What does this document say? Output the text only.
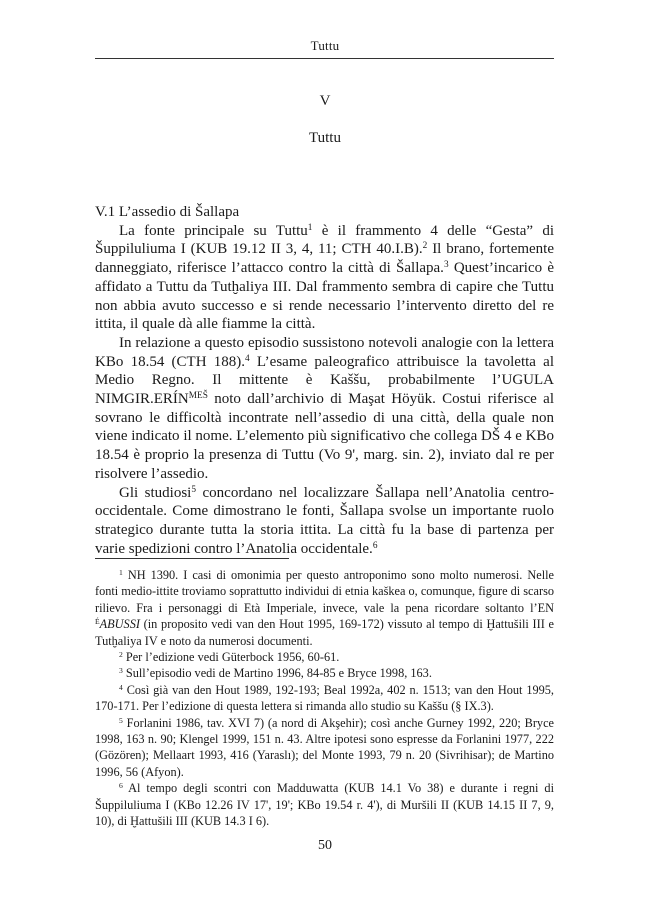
Tuttu
V
Tuttu

V.1 L’assedio di Šallapa

La fonte principale su Tuttu$^1$ è il frammento 4 delle “Gesta” di Šuppiluliuma I (KUB 19.12 II 3, 4, 11; CTH 40.I.B).$^2$ Il brano, fortemente danneggiato, riferisce l’attacco contro la città di Šallapa.$^3$ Quest’incarico è affidato a Tuttu da Tutḫaliya III. Dal frammento sembra di capire che Tuttu non abbia avuto successo e si rende necessario l’intervento diretto del re ittita, il quale dà alle fiamme la città.

In relazione a questo episodio sussistono notevoli analogie con la lettera KBo 18.54 (CTH 188).$^4$ L’esame paleografico attribuisce la tavoletta al Medio Regno. Il mittente è Kaššu, probabilmente l’UGULA $NIMGIR.ERÍN^{MEŠ}$ noto dall’archivio di Maşat Höyük. Costui riferisce al sovrano le difficoltà incontrate nell’assedio di una città, della quale non viene indicato il nome. L’elemento più significativo che collega DŠ 4 e KBo 18.54 è proprio la presenza di Tuttu (Vo 9', marg. sin. 2), inviato dal re per risolvere l’assedio.

Gli studiosi$^5$ concordano nel localizzare Šallapa nell’Anatolia centro-occidentale. Come dimostrano le fonti, Šallapa svolse un importante ruolo strategico durante tutta la storia ittita. La città fu la base di partenza per varie spedizioni contro l’Anatolia occidentale.$^6$

$^1$ NH 1390. I casi di omonimia per questo antroponimo sono molto numerosi. Nelle fonti medio-ittite troviamo soprattutto individui di etnia kaškea o, comunque, figure di scarso rilievo. Fra i personaggi di Età Imperiale, invece, vale la pena ricordare soltanto l’EN $^É$ABUSSI (in proposito vedi van den Hout 1995, 169-172) vissuto al tempo di Ḫattušili III e Tutḫaliya IV e noto da numerosi documenti.

$^2$ Per l’edizione vedi Güterbock 1956, 60-61.

$^3$ Sull’episodio vedi de Martino 1996, 84-85 e Bryce 1998, 163.

$^4$ Così già van den Hout 1989, 192-193; Beal 1992a, 402 n. 1513; van den Hout 1995, 170-171. Per l’edizione di questa lettera si rimanda allo studio su Kaššu (§ IX.3).

$^5$ Forlanini 1986, tav. XVI 7) (a nord di Akşehir); così anche Gurney 1992, 220; Bryce 1998, 163 n. 90; Klengel 1999, 151 n. 43. Altre ipotesi sono espresse da Forlanini 1977, 222 (Gözören); Mellaart 1993, 416 (Yaraslı); del Monte 1993, 79 n. 20 (Sivrihisar); de Martino 1996, 56 (Afyon).

$^6$ Al tempo degli scontri con Madduwatta (KUB 14.1 Vo 38) e durante i regni di Šuppiluliuma I (KBo 12.26 IV 17', 19'; KBo 19.54 r. 4'), di Muršili II (KUB 14.15 II 7, 9, 10), di Ḫattušili III (KUB 14.3 I 6).

50
